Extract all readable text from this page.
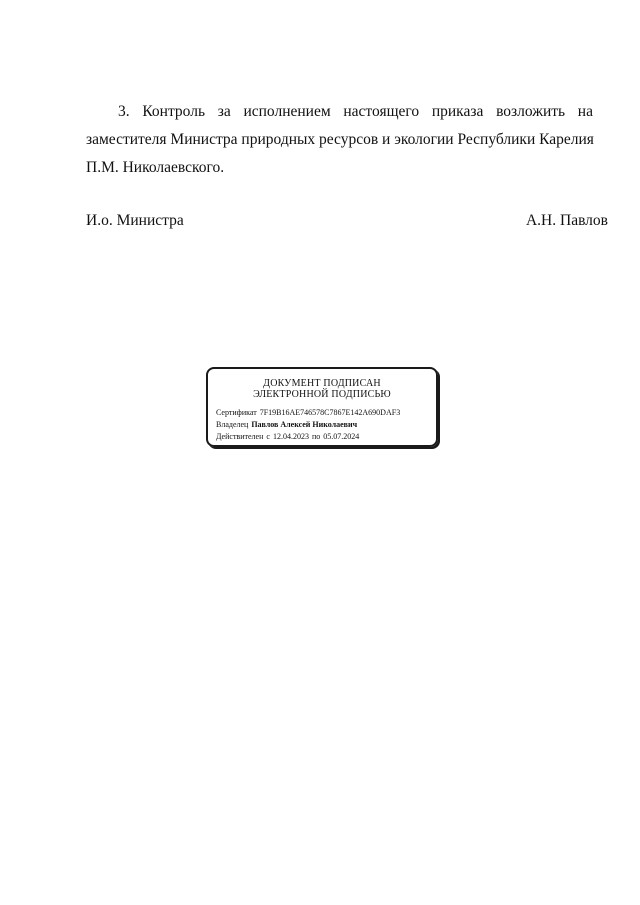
3. Контроль за исполнением настоящего приказа возложить на
заместителя Министра природных ресурсов и экологии Республики Карелия
П.М. Николаевского.
И.о. Министра	А.Н. Павлов
ДОКУМЕНТ ПОДПИСАН
ЭЛЕКТРОННОЙ ПОДПИСЬЮ
Сертификат 7F19B16AE746578C7867E142A690DAF3
Владелец Павлов Алексей Николаевич
Действителен с 12.04.2023 по 05.07.2024
